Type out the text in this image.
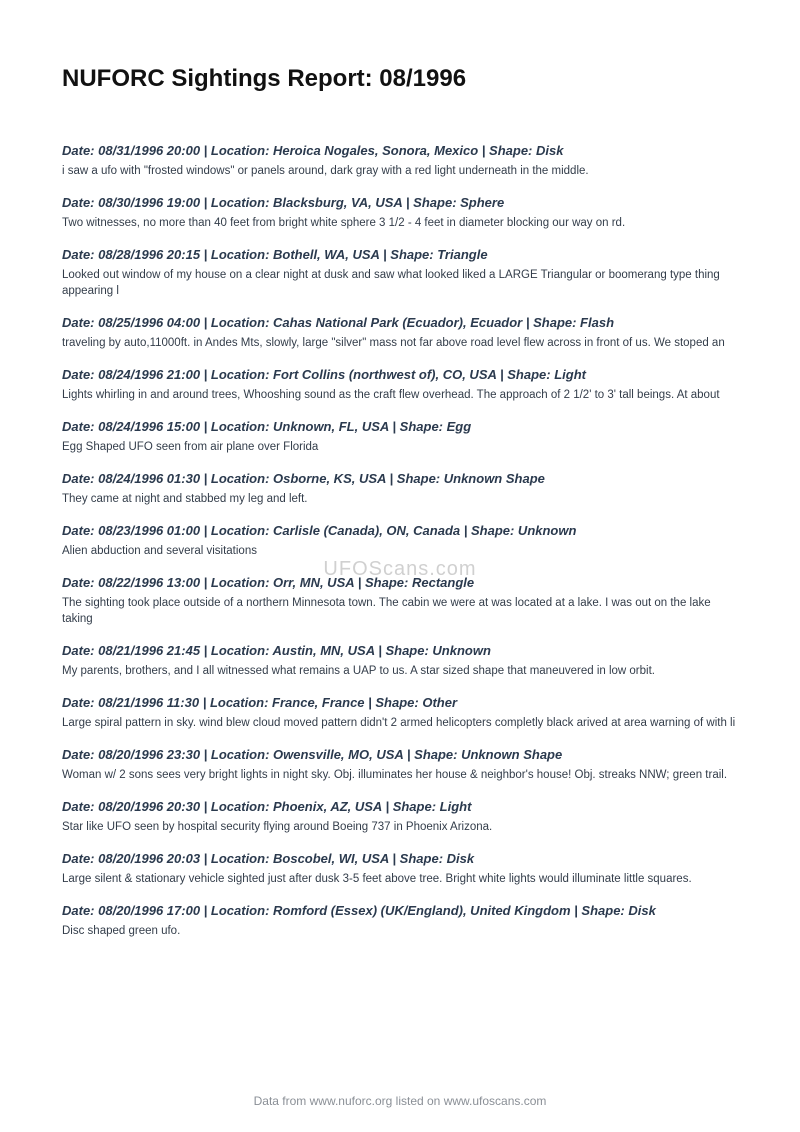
NUFORC Sightings Report: 08/1996

Date: 08/31/1996 20:00 | Location: Heroica Nogales, Sonora, Mexico | Shape: Disk

i saw a ufo with "frosted windows" or panels around, dark gray with a red light underneath in the middle.

Date: 08/30/1996 19:00 | Location: Blacksburg, VA, USA | Shape: Sphere

Two witnesses, no more than 40 feet from bright white sphere 3 1/2 - 4 feet in diameter blocking our way on rd.

Date: 08/28/1996 20:15 | Location: Bothell, WA, USA | Shape: Triangle

Looked out window of my house on a clear night at dusk and saw what looked liked a LARGE Triangular or boomerang type thing appearing l

Date: 08/25/1996 04:00 | Location: Cahas National Park (Ecuador), Ecuador | Shape: Flash

traveling by auto,11000ft. in Andes Mts, slowly, large "silver" mass not far above road level flew across in front of us. We stoped an

Date: 08/24/1996 21:00 | Location: Fort Collins (northwest of), CO, USA | Shape: Light

Lights whirling in and around trees, Whooshing sound as the craft flew overhead. The approach of 2 1/2' to 3' tall beings. At about

Date: 08/24/1996 15:00 | Location: Unknown, FL, USA | Shape: Egg

Egg Shaped UFO seen from air plane over Florida

Date: 08/24/1996 01:30 | Location: Osborne, KS, USA | Shape: Unknown Shape

They came at night and stabbed my leg and left.

Date: 08/23/1996 01:00 | Location: Carlisle (Canada), ON, Canada | Shape: Unknown

Alien abduction and several visitations

Date: 08/22/1996 13:00 | Location: Orr, MN, USA | Shape: Rectangle

The sighting took place outside of a northern Minnesota town. The cabin we were at was located at a lake. I was out on the lake taking

Date: 08/21/1996 21:45 | Location: Austin, MN, USA | Shape: Unknown

My parents, brothers, and I all witnessed what remains a UAP to us. A star sized shape that maneuvered in low orbit.

Date: 08/21/1996 11:30 | Location: France, France | Shape: Other

Large spiral pattern in sky. wind blew cloud moved pattern didn't 2 armed helicopters completly black arived at area warning of with li

Date: 08/20/1996 23:30 | Location: Owensville, MO, USA | Shape: Unknown Shape

Woman w/ 2 sons sees very bright lights in night sky. Obj. illuminates her house & neighbor's house! Obj. streaks NNW; green trail.

Date: 08/20/1996 20:30 | Location: Phoenix, AZ, USA | Shape: Light

Star like UFO seen by hospital security flying around Boeing 737 in Phoenix Arizona.

Date: 08/20/1996 20:03 | Location: Boscobel, WI, USA | Shape: Disk

Large silent & stationary vehicle sighted just after dusk 3-5 feet above tree. Bright white lights would illuminate little squares.

Date: 08/20/1996 17:00 | Location: Romford (Essex) (UK/England), United Kingdom | Shape: Disk

Disc shaped green ufo.

UFOScans.com
Data from www.nuforc.org listed on www.ufoscans.com
